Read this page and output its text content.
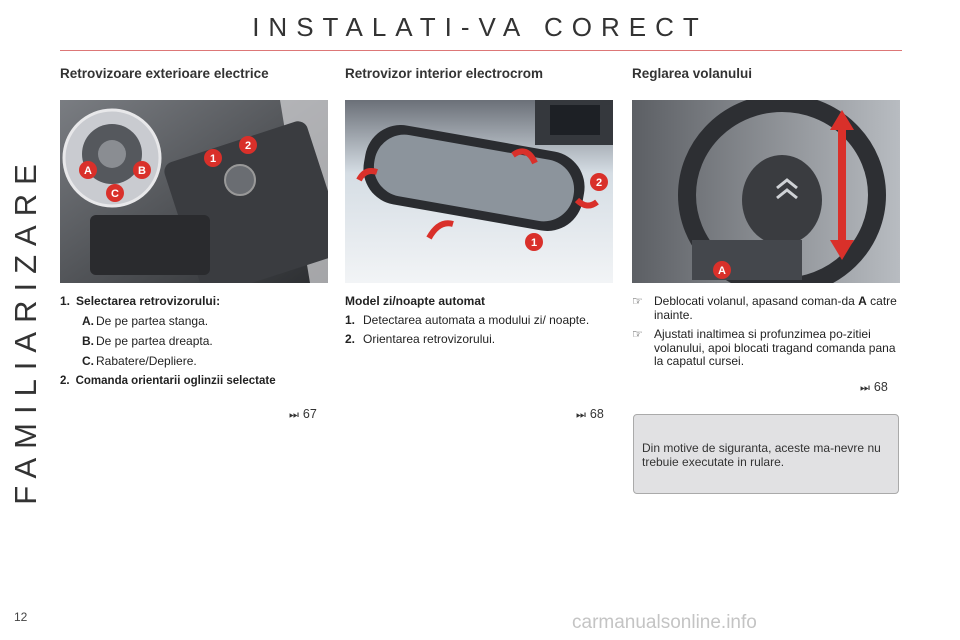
FAMILIARIZARE
INSTALATI-VA CORECT
Retrovizoare exterioare electrice
A	B
C
1
2
1. Selectarea retrovizorului:
A. De pe partea stanga.
B. De pe partea dreapta.
C. Rabatere/Depliere.
2. Comanda orientarii oglinzii selectate
⏭ 67
Retrovizor interior electrocrom
2
1
Model zi/noapte automat
1. Detectarea automata a modului zi/ noapte.
2. Orientarea retrovizorului.
⏭ 68
Reglarea volanului
A
☞ Deblocati volanul, apasand coman-da A catre inainte.
☞ Ajustati inaltimea si profunzimea po-zitiei volanului, apoi blocati tragand comanda pana la capatul cursei.
⏭ 68
Din motive de siguranta, aceste ma-nevre nu trebuie executate in rulare.
12	carmanualsonline.info
